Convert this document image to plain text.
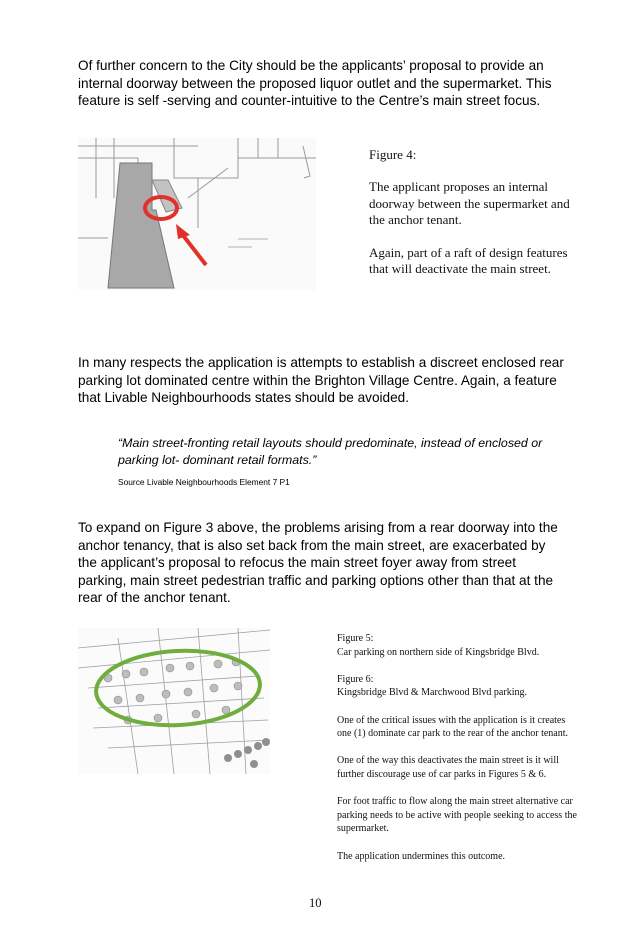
Of further concern to the City should be the applicants’ proposal to provide an internal doorway between the proposed liquor outlet and the supermarket. This feature is self -serving and counter-intuitive to the Centre’s main street focus.

Figure 4:
The applicant proposes an internal doorway between the supermarket and the anchor tenant.
Again, part of a raft of design features that will deactivate the main street.

In many respects the application is attempts to establish a discreet enclosed rear parking lot dominated centre within the Brighton Village Centre. Again, a feature that Livable Neighbourhoods states should be avoided.

“Main street-fronting retail layouts should predominate, instead of enclosed or parking lot- dominant retail formats.”

Source Livable Neighbourhoods Element 7 P1

To expand on Figure 3 above, the problems arising from a rear doorway into the anchor tenancy, that is also set back from the main street, are exacerbated by the applicant’s proposal to refocus the main street foyer away from street parking, main street pedestrian traffic and parking options other than that at the rear of the anchor tenant.

Figure 5:
Car parking on northern side of Kingsbridge Blvd.
Figure 6:
Kingsbridge Blvd & Marchwood Blvd parking.
One of the critical issues with the application is it creates one (1) dominate car park to the rear of the anchor tenant.
One of the way this deactivates the main street is it will further discourage use of car parks in Figures 5 & 6.
For foot traffic to flow along the main street alternative car parking needs to be active with people seeking to access the supermarket.
The application undermines this outcome.
10
